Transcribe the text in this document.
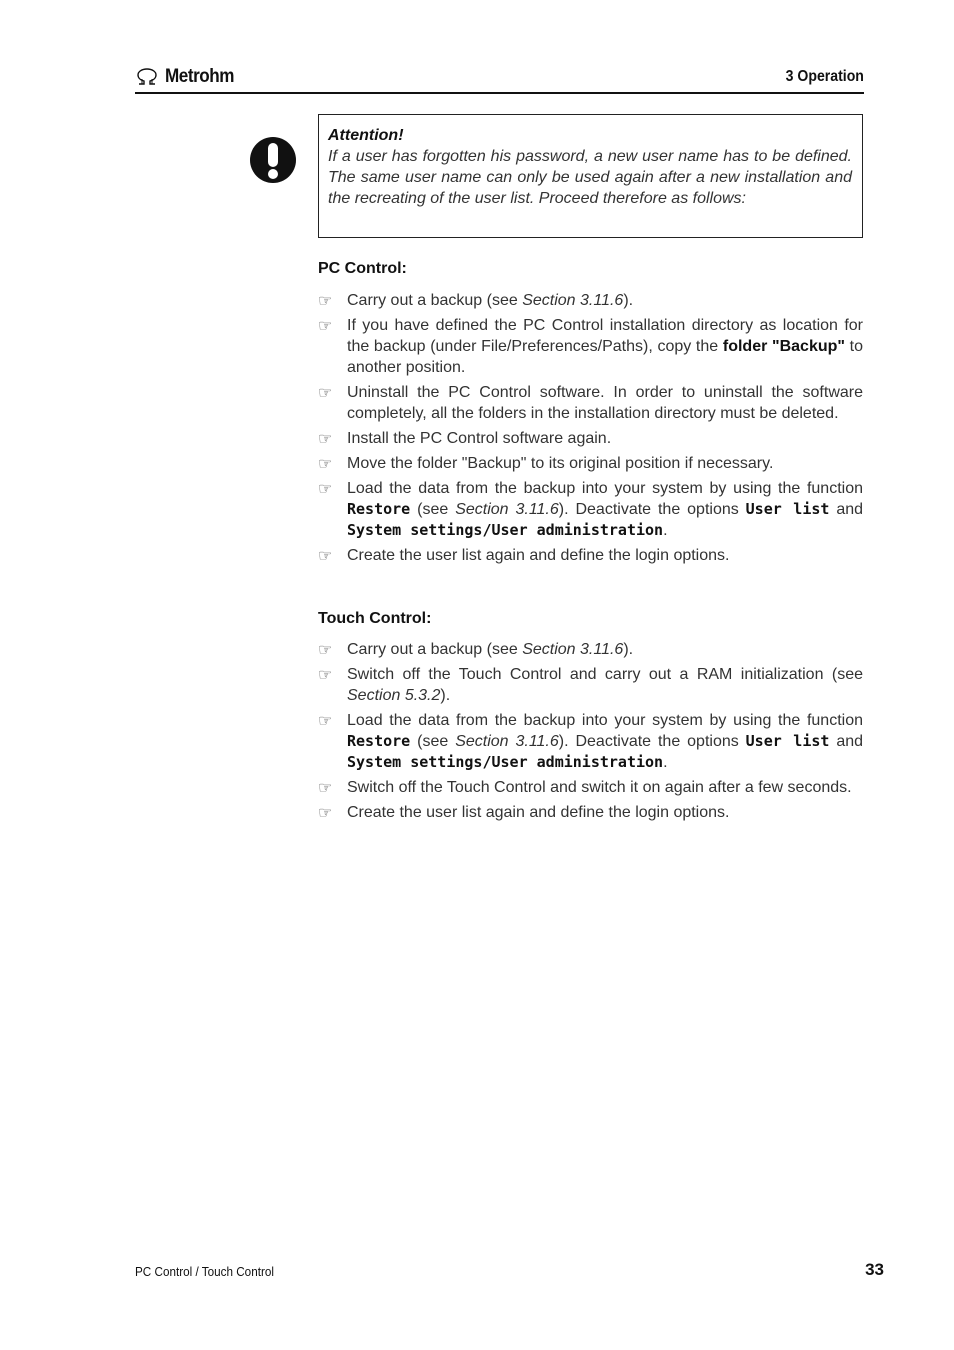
Metrohm	3 Operation
Attention!
If a user has forgotten his password, a new user name has to be defined. The same user name can only be used again after a new installation and the recreating of the user list. Proceed therefore as follows:
PC Control:
☞ Carry out a backup (see Section 3.11.6).
☞ If you have defined the PC Control installation directory as location for the backup (under File/Preferences/Paths), copy the folder "Backup" to another position.
☞ Uninstall the PC Control software. In order to uninstall the software completely, all the folders in the installation directory must be deleted.
☞ Install the PC Control software again.
☞ Move the folder "Backup" to its original position if necessary.
☞ Load the data from the backup into your system by using the function Restore (see Section 3.11.6). Deactivate the options User list and System settings/User administration.
☞ Create the user list again and define the login options.
Touch Control:
☞ Carry out a backup (see Section 3.11.6).
☞ Switch off the Touch Control and carry out a RAM initialization (see Section 5.3.2).
☞ Load the data from the backup into your system by using the function Restore (see Section 3.11.6). Deactivate the options User list and System settings/User administration.
☞ Switch off the Touch Control and switch it on again after a few seconds.
☞ Create the user list again and define the login options.
PC Control / Touch Control	33
